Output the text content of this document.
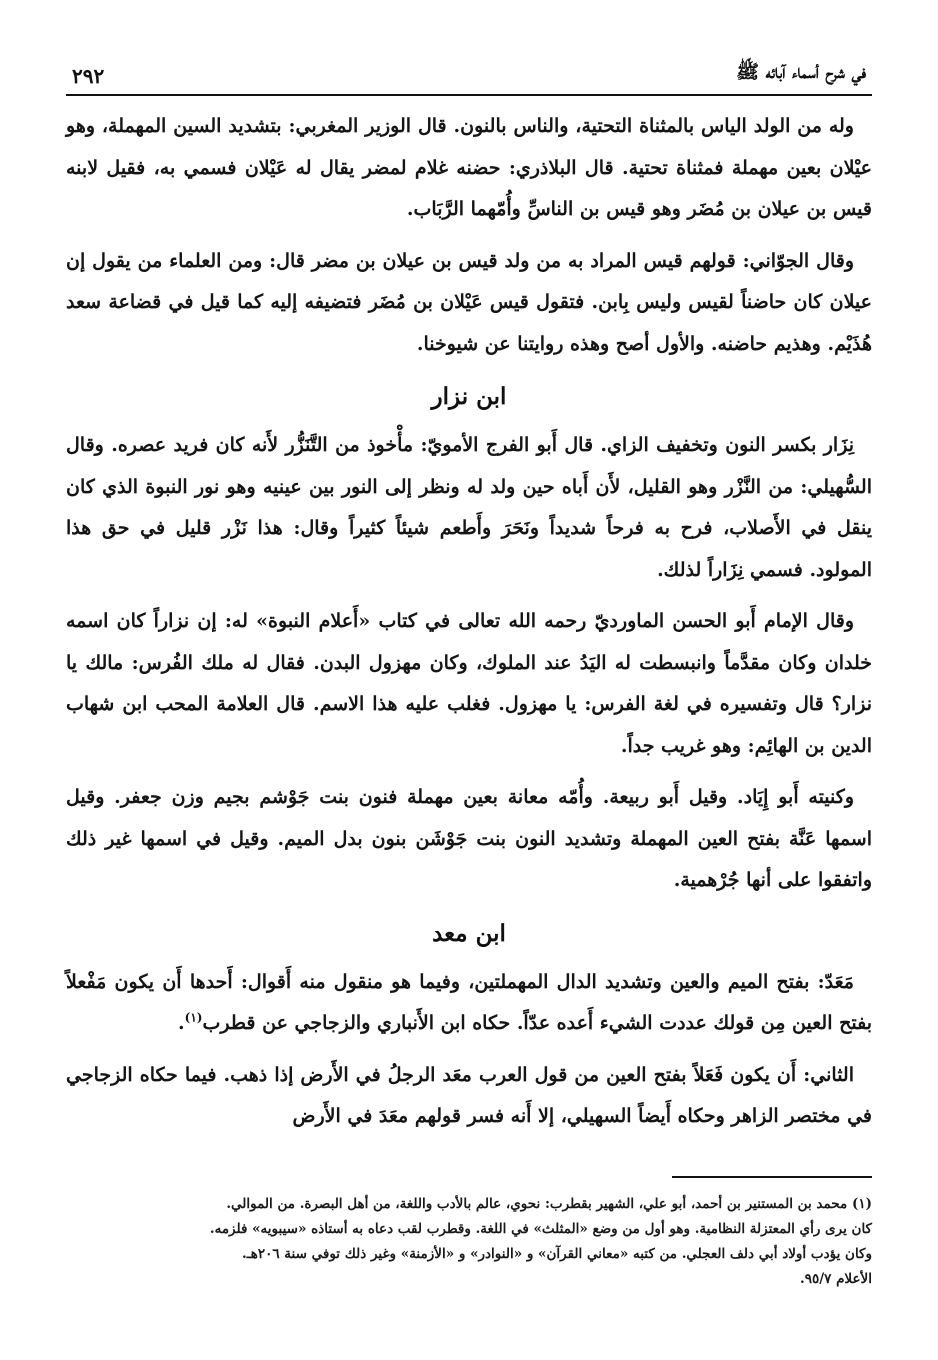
في شرح أسماء آبائه ﷺ
٢٩٢

وله من الولد الياس بالمثناة التحتية، والناس بالنون. قال الوزير المغربي: بتشديد السين المهملة، وهو عيْلان بعين مهملة فمثناة تحتية. قال البلاذري: حضنه غلام لمضر يقال له عَيْلان فسمي به، فقيل لابنه قيس بن عيلان بن مُضَر وهو قيس بن الناسِّ وأُمّهما الرَّبَاب.

وقال الجوّاني: قولهم قيس المراد به من ولد قيس بن عيلان بن مضر قال: ومن العلماء من يقول إن عيلان كان حاضناً لقيس وليس بِابن. فتقول قيس عَيْلان بن مُضَر فتضيفه إليه كما قيل في قضاعة سعد هُذَيْم. وهذيم حاضنه. والأول أصح وهذه روايتنا عن شيوخنا.

ابن نزار

نِزَار بكسر النون وتخفيف الزاي. قال أَبو الفرج الأمويّ: مأْخوذ من التَّنَزُّر لأَنه كان فريد عصره. وقال السُّهيلي: من النَّزْر وهو القليل، لأَن أَباه حين ولد له ونظر إلى النور بين عينيه وهو نور النبوة الذي كان ينقل في الأَصلاب، فرح به فرحاً شديداً ونَحَرَ وأَطعم شيئاً كثيراً وقال: هذا نَزْر قليل في حق هذا المولود. فسمي نِزَاراً لذلك.

وقال الإمام أَبو الحسن الماورديّ رحمه الله تعالى في كتاب «أَعلام النبوة» له: إن نزاراً كان اسمه خلدان وكان مقدَّماً وانبسطت له اليَدُ عند الملوك، وكان مهزول البدن. فقال له ملك الفُرس: مالك يا نزار؟ قال وتفسيره في لغة الفرس: يا مهزول. فغلب عليه هذا الاسم. قال العلامة المحب ابن شهاب الدين بن الهائِم: وهو غريب جداً.

وكنيته أَبو إِيَاد. وقيل أَبو ربيعة. وأُمّه معانة بعين مهملة فنون بنت جَوْشم بجيم وزن جعفر. وقيل اسمها عَنَّة بفتح العين المهملة وتشديد النون بنت جَوْشَن بنون بدل الميم. وقيل في اسمها غير ذلك واتفقوا على أنها جُرْهمية.

ابن معد

مَعَدّ: بفتح الميم والعين وتشديد الدال المهملتين، وفيما هو منقول منه أَقوال: أَحدها أَن يكون مَفْعلاً بفتح العين مِن قولك عددت الشيء أَعده عدّاً. حكاه ابن الأَنباري والزجاجي عن قطرب$^{(١)}$.

الثاني: أَن يكون فَعَلاً بفتح العين من قول العرب معَد الرجلُ في الأَرض إذا ذهب. فيما حكاه الزجاجي في مختصر الزاهر وحكاه أَيضاً السهيلي، إلا أَنه فسر قولهم معَدَ في الأَرض

(١) محمد بن المستنير بن أحمد، أبو علي، الشهير بقطرب: نحوي، عالم بالأدب واللغة، من أهل البصرة. من الموالي.

كان يرى رأي المعتزلة النظامية. وهو أول من وضع «المثلث» في اللغة. وقطرب لقب دعاه به أستاذه «سيبويه» فلزمه.

وكان يؤدب أولاد أبي دلف العجلي. من كتبه «معاني القرآن» و «النوادر» و «الأزمنة» وغير ذلك توفي سنة ٢٠٦هـ.

الأعلام ٩٥/٧.
